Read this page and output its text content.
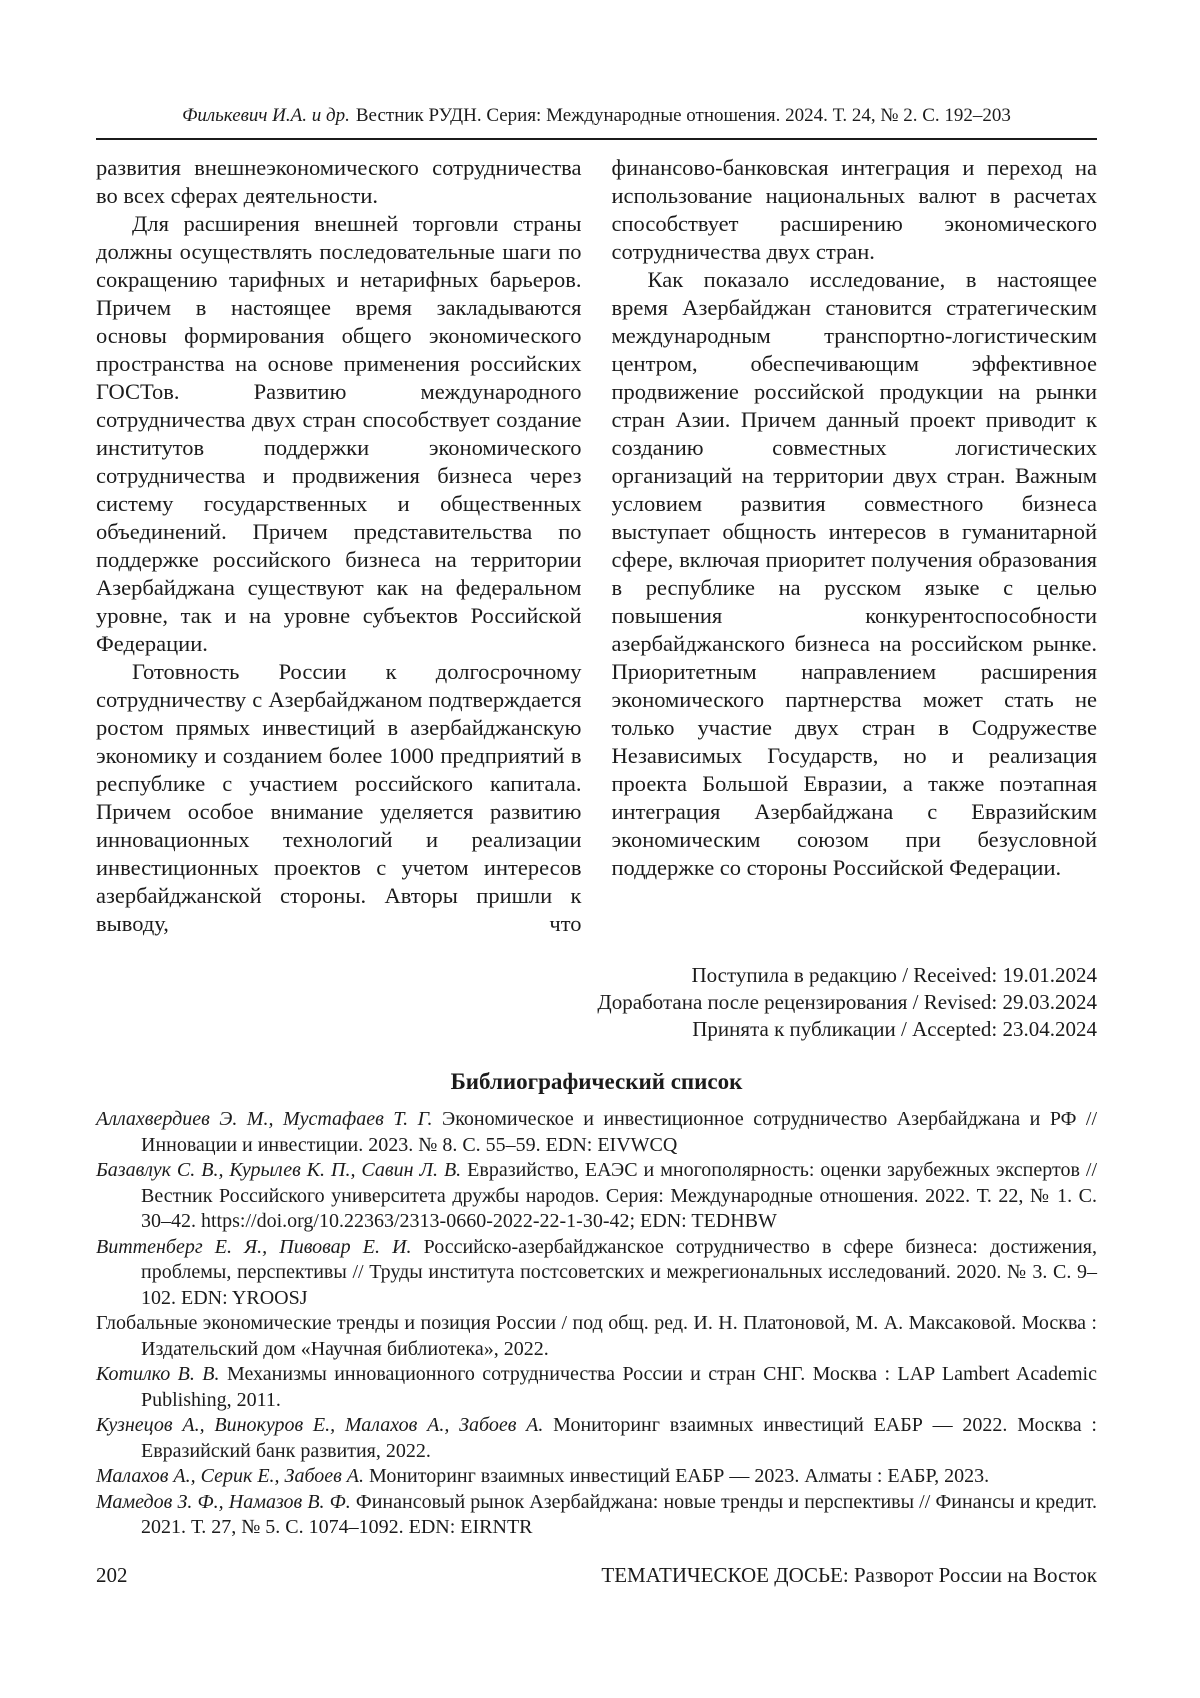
Филькевич И.А. и др. Вестник РУДН. Серия: Международные отношения. 2024. Т. 24, № 2. С. 192–203

развития внешнеэкономического сотрудничества во всех сферах деятельности.

Для расширения внешней торговли страны должны осуществлять последовательные шаги по сокращению тарифных и нетарифных барьеров. Причем в настоящее время закладываются основы формирования общего экономического пространства на основе применения российских ГОСТов. Развитию международного сотрудничества двух стран способствует создание институтов поддержки экономического сотрудничества и продвижения бизнеса через систему государственных и общественных объединений. Причем представительства по поддержке российского бизнеса на территории Азербайджана существуют как на федеральном уровне, так и на уровне субъектов Российской Федерации.

Готовность России к долгосрочному сотрудничеству с Азербайджаном подтверждается ростом прямых инвестиций в азербайджанскую экономику и созданием более 1000 предприятий в республике с участием российского капитала. Причем особое внимание уделяется развитию инновационных технологий и реализации инвестиционных проектов с учетом интересов азербайджанской стороны. Авторы пришли к выводу, что

финансово-банковская интеграция и переход на использование национальных валют в расчетах способствует расширению экономического сотрудничества двух стран.

Как показало исследование, в настоящее время Азербайджан становится стратегическим международным транспортно-логистическим центром, обеспечивающим эффективное продвижение российской продукции на рынки стран Азии. Причем данный проект приводит к созданию совместных логистических организаций на территории двух стран. Важным условием развития совместного бизнеса выступает общность интересов в гуманитарной сфере, включая приоритет получения образования в республике на русском языке с целью повышения конкурентоспособности азербайджанского бизнеса на российском рынке. Приоритетным направлением расширения экономического партнерства может стать не только участие двух стран в Содружестве Независимых Государств, но и реализация проекта Большой Евразии, а также поэтапная интеграция Азербайджана с Евразийским экономическим союзом при безусловной поддержке со стороны Российской Федерации.

Поступила в редакцию / Received: 19.01.2024
Доработана после рецензирования / Revised: 29.03.2024
Принята к публикации / Accepted: 23.04.2024
Библиографический список

Аллахвердиев Э. М., Мустафаев Т. Г. Экономическое и инвестиционное сотрудничество Азербайджана и РФ // Инновации и инвестиции. 2023. № 8. С. 55–59. EDN: EIVWCQ

Базавлук С. В., Курылев К. П., Савин Л. В. Евразийство, ЕАЭС и многополярность: оценки зарубежных экспертов // Вестник Российского университета дружбы народов. Серия: Международные отношения. 2022. Т. 22, № 1. С. 30–42. https://doi.org/10.22363/2313-0660-2022-22-1-30-42; EDN: TEDHBW

Виттенберг Е. Я., Пивовар Е. И. Российско-азербайджанское сотрудничество в сфере бизнеса: достижения, проблемы, перспективы // Труды института постсоветских и межрегиональных исследований. 2020. № 3. С. 9–102. EDN: YROOSJ

Глобальные экономические тренды и позиция России / под общ. ред. И. Н. Платоновой, М. А. Максаковой. Москва : Издательский дом «Научная библиотека», 2022.

Котилко В. В. Механизмы инновационного сотрудничества России и стран СНГ. Москва : LAP Lambert Academic Publishing, 2011.

Кузнецов А., Винокуров Е., Малахов А., Забоев А. Мониторинг взаимных инвестиций ЕАБР — 2022. Москва : Евразийский банк развития, 2022.

Малахов А., Серик Е., Забоев А. Мониторинг взаимных инвестиций ЕАБР — 2023. Алматы : ЕАБР, 2023.

Мамедов З. Ф., Намазов В. Ф. Финансовый рынок Азербайджана: новые тренды и перспективы // Финансы и кредит. 2021. Т. 27, № 5. С. 1074–1092. EDN: EIRNTR

202	ТЕМАТИЧЕСКОЕ ДОСЬЕ: Разворот России на Восток
